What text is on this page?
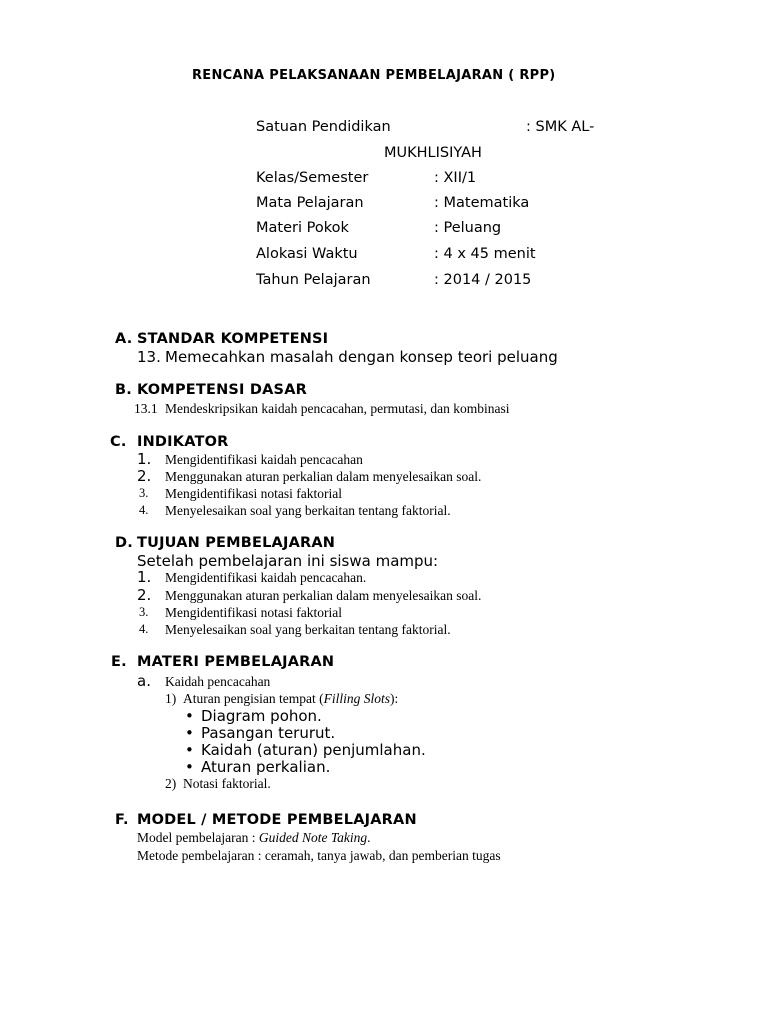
RENCANA PELAKSANAAN PEMBELAJARAN ( RPP)
Satuan Pendidikan	: SMK AL-
MUKHLISIYAH
Kelas/Semester	: XII/1
Mata Pelajaran	: Matematika
Materi Pokok	: Peluang
Alokasi Waktu	: 4 x 45 menit
Tahun Pelajaran	: 2014 / 2015
A. STANDAR KOMPETENSI
13. Memecahkan masalah dengan konsep teori peluang
B. KOMPETENSI DASAR
13.1 Mendeskripsikan kaidah pencacahan, permutasi, dan kombinasi
C. INDIKATOR
1. Mengidentifikasi kaidah pencacahan
2. Menggunakan aturan perkalian dalam menyelesaikan soal.
3. Mengidentifikasi notasi faktorial
4. Menyelesaikan soal yang berkaitan tentang faktorial.
D. TUJUAN PEMBELAJARAN
Setelah pembelajaran ini siswa mampu:
1. Mengidentifikasi kaidah pencacahan.
2. Menggunakan aturan perkalian dalam menyelesaikan soal.
3. Mengidentifikasi notasi faktorial
4. Menyelesaikan soal yang berkaitan tentang faktorial.
E. MATERI PEMBELAJARAN
a. Kaidah pencacahan
1) Aturan pengisian tempat (Filling Slots):
• Diagram pohon.
• Pasangan terurut.
• Kaidah (aturan) penjumlahan.
• Aturan perkalian.
2) Notasi faktorial.
F. MODEL / METODE PEMBELAJARAN
Model pembelajaran : Guided Note Taking.
Metode pembelajaran : ceramah, tanya jawab, dan pemberian tugas
